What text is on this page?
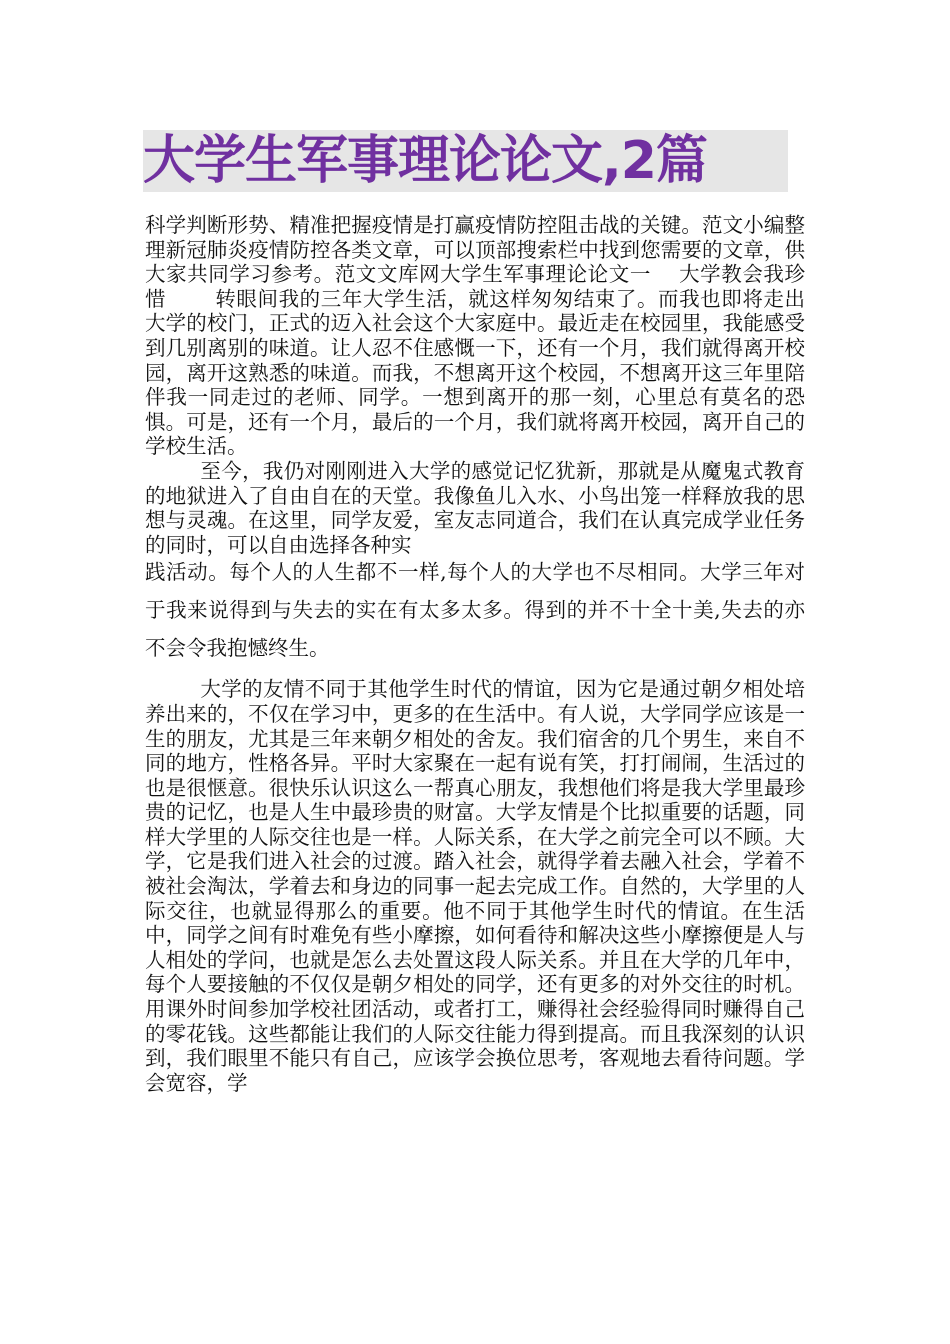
大学生军事理论论文,2篇

科学判断形势、精准把握疫情是打赢疫情防控阻击战的关键。范文小编整理新冠肺炎疫情防控各类文章，可以顶部搜索栏中找到您需要的文章，供大家共同学习参考。范文文库网大学生军事理论论文一　 大学教会我珍惜　　 转眼间我的三年大学生活，就这样匆匆结束了。而我也即将走出大学的校门，正式的迈入社会这个大家庭中。最近走在校园里，我能感受到几别离别的味道。让人忍不住感慨一下，还有一个月，我们就得离开校园，离开这熟悉的味道。而我，不想离开这个校园，不想离开这三年里陪伴我一同走过的老师、同学。一想到离开的那一刻，心里总有莫名的恐惧。可是，还有一个月，最后的一个月，我们就将离开校园，离开自己的学校生活。

至今，我仍对刚刚进入大学的感觉记忆犹新，那就是从魔鬼式教育的地狱进入了自由自在的天堂。我像鱼儿入水、小鸟出笼一样释放我的思想与灵魂。在这里，同学友爱，室友志同道合，我们在认真完成学业任务的同时，可以自由选择各种实

践活动。每个人的人生都不一样,每个人的大学也不尽相同。大学三年对于我来说得到与失去的实在有太多太多。得到的并不十全十美,失去的亦不会令我抱憾终生。

大学的友情不同于其他学生时代的情谊，因为它是通过朝夕相处培养出来的，不仅在学习中，更多的在生活中。有人说，大学同学应该是一生的朋友，尤其是三年来朝夕相处的舍友。我们宿舍的几个男生，来自不同的地方，性格各异。平时大家聚在一起有说有笑，打打闹闹，生活过的也是很惬意。很快乐认识这么一帮真心朋友，我想他们将是我大学里最珍贵的记忆，也是人生中最珍贵的财富。大学友情是个比拟重要的话题，同样大学里的人际交往也是一样。人际关系，在大学之前完全可以不顾。大学，它是我们进入社会的过渡。踏入社会，就得学着去融入社会，学着不被社会淘汰，学着去和身边的同事一起去完成工作。自然的，大学里的人际交往，也就显得那么的重要。他不同于其他学生时代的情谊。在生活中，同学之间有时难免有些小摩擦，如何看待和解决这些小摩擦便是人与人相处的学问，也就是怎么去处置这段人际关系。并且在大学的几年中，每个人要接触的不仅仅是朝夕相处的同学，还有更多的对外交往的时机。用课外时间参加学校社团活动，或者打工，赚得社会经验得同时赚得自己的零花钱。这些都能让我们的人际交往能力得到提高。而且我深刻的认识到，我们眼里不能只有自己，应该学会换位思考，客观地去看待问题。学会宽容，学
